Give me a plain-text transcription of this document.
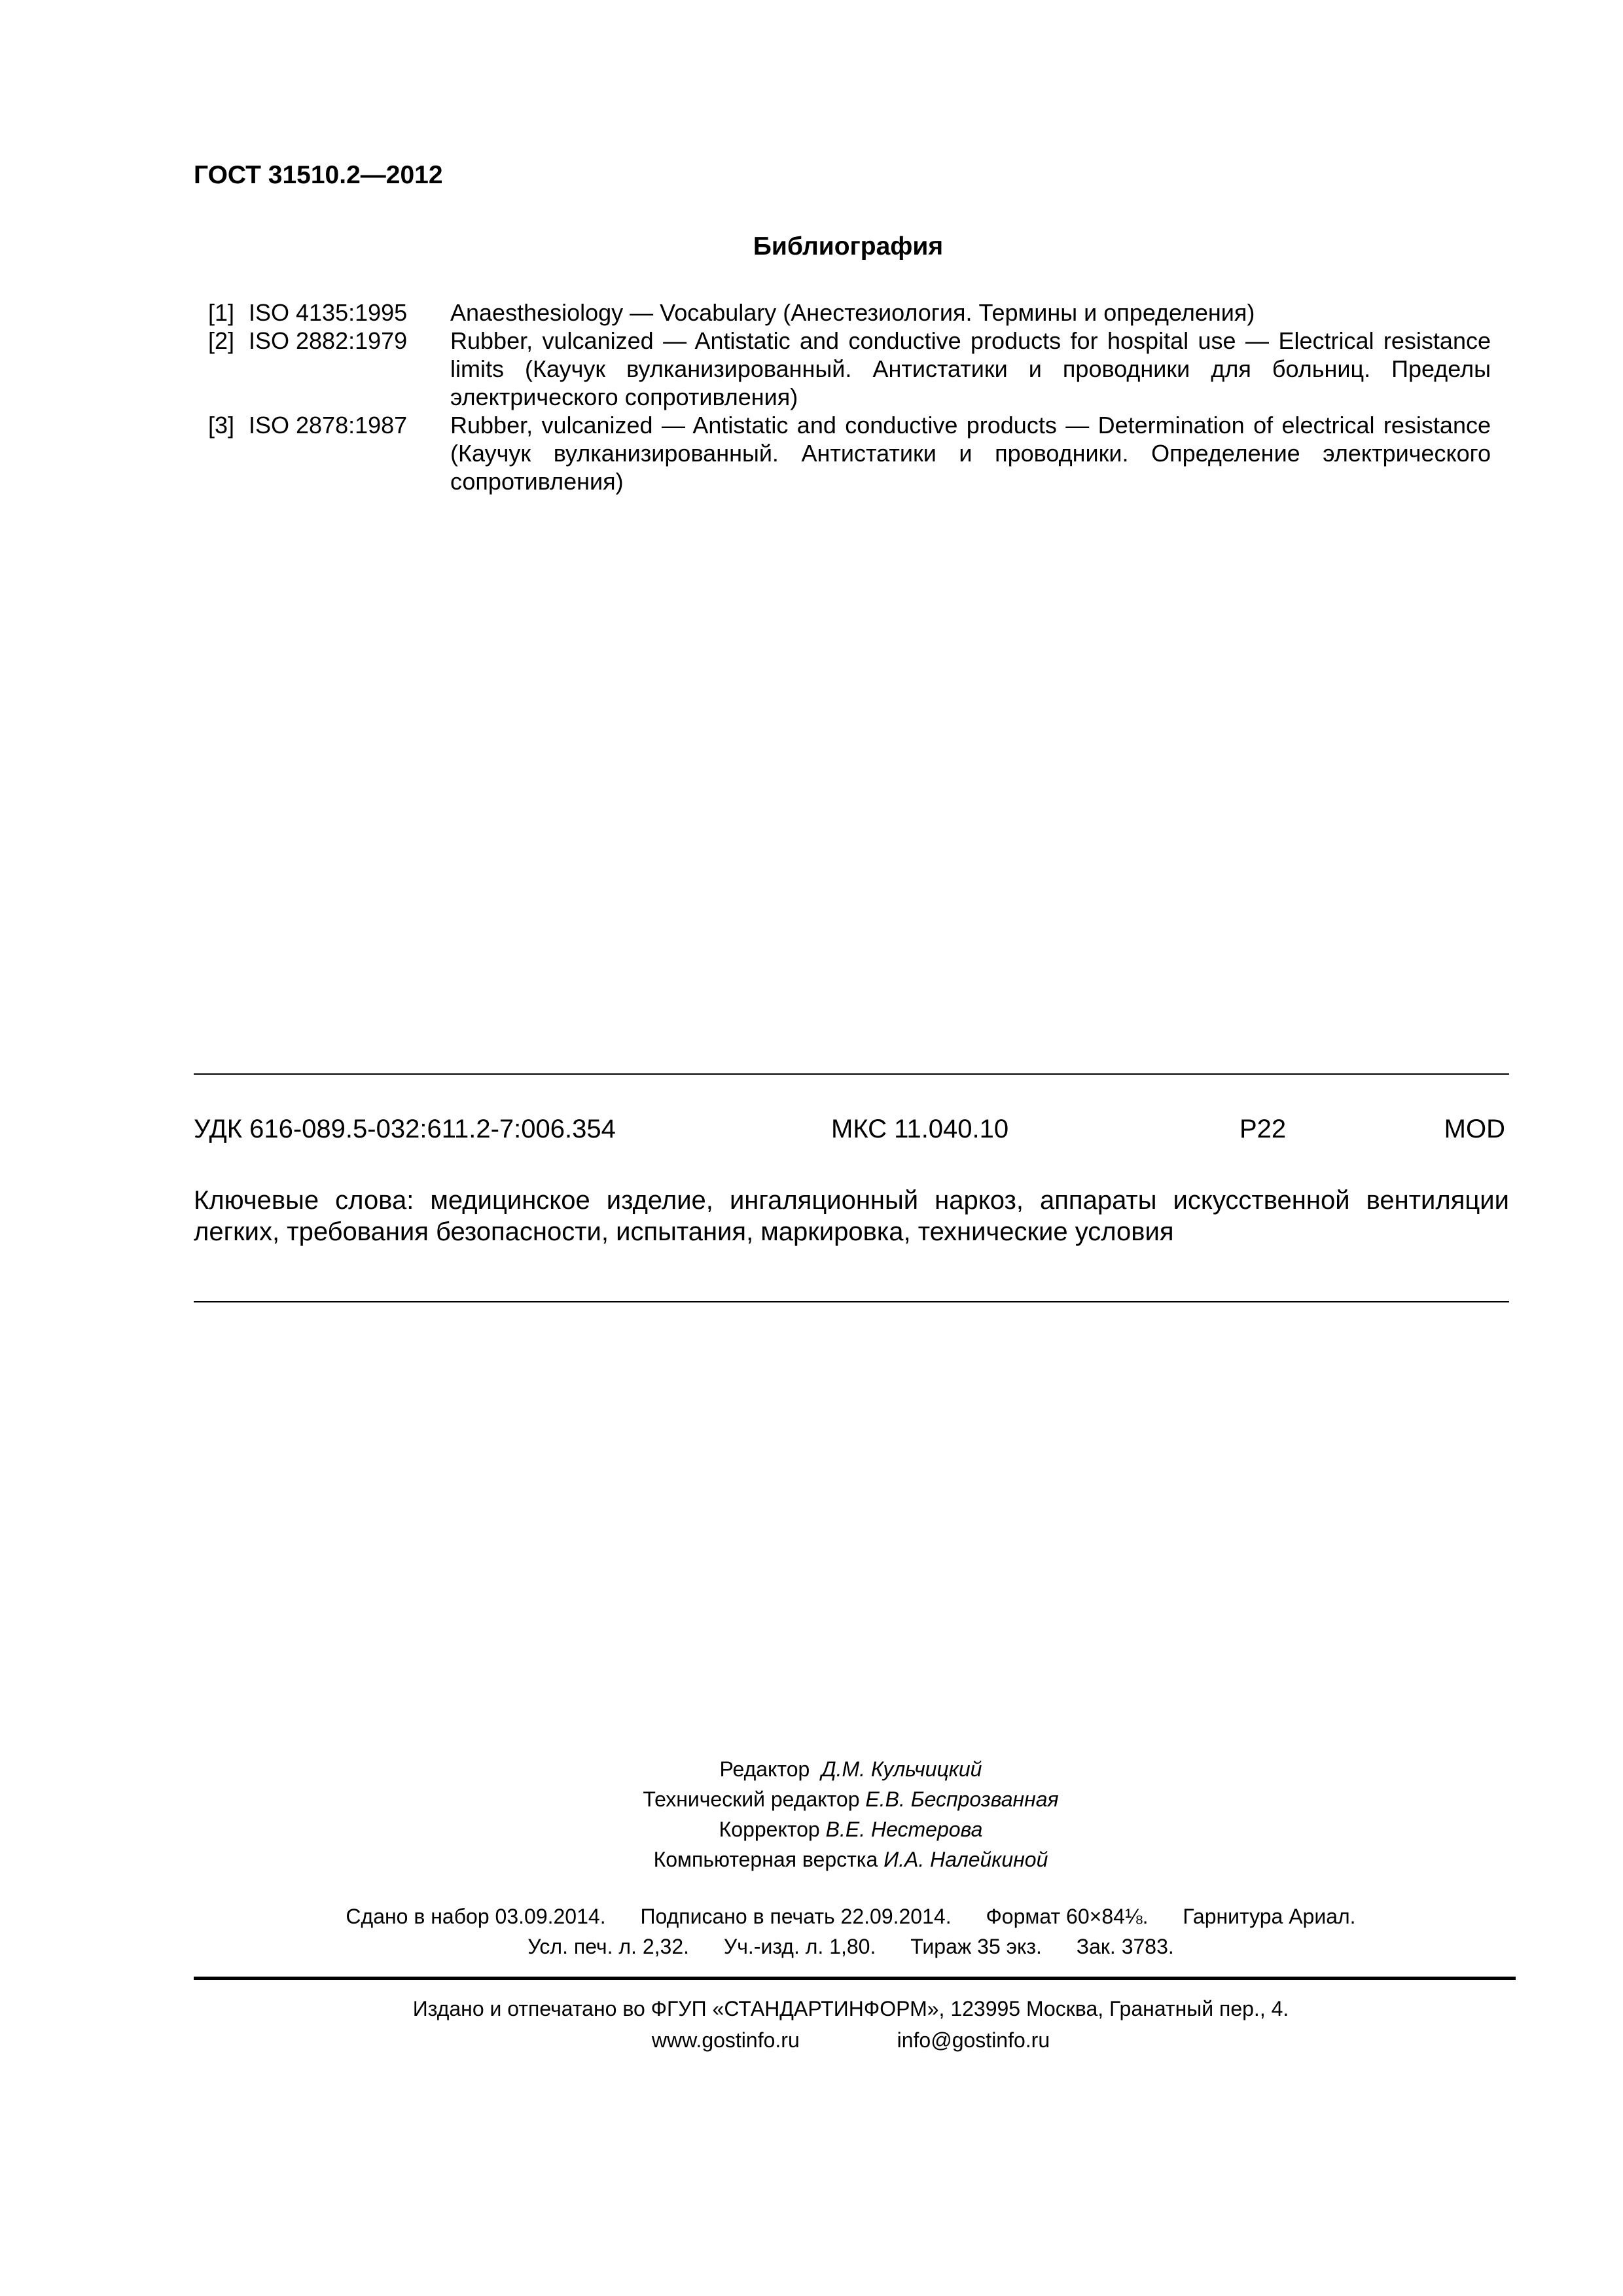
ГОСТ 31510.2—2012
Библиография
[1] ISO 4135:1995	Anaesthesiology — Vocabulary (Анестезиология. Термины и определения)
[2] ISO 2882:1979	Rubber, vulcanized — Antistatic and conductive products for hospital use — Electrical resistance limits (Каучук вулканизированный. Антистатики и проводники для больниц. Пределы электрического сопротивления)
[3] ISO 2878:1987	Rubber, vulcanized — Antistatic and conductive products — Determination of electrical resistance (Каучук вулканизированный. Антистатики и проводники. Определение электрического сопротивления)
УДК 616-089.5-032:611.2-7:006.354	МКС 11.040.10	Р22	MOD
Ключевые слова: медицинское изделие, ингаляционный наркоз, аппараты искусственной вентиляции
легких, требования безопасности, испытания, маркировка, технические условия
Редактор Д.М. Кульчицкий
Технический редактор Е.В. Беспрозванная
Корректор В.Е. Нестерова
Компьютерная верстка И.А. Налейкиной
Сдано в набор 03.09.2014. Подписано в печать 22.09.2014. Формат 60×84⅛. Гарнитура Ариал.
Усл. печ. л. 2,32. Уч.-изд. л. 1,80. Тираж 35 экз. Зак. 3783.
Издано и отпечатано во ФГУП «СТАНДАРТИНФОРМ», 123995 Москва, Гранатный пер., 4.
www.gostinfo.ru	info@gostinfo.ru
